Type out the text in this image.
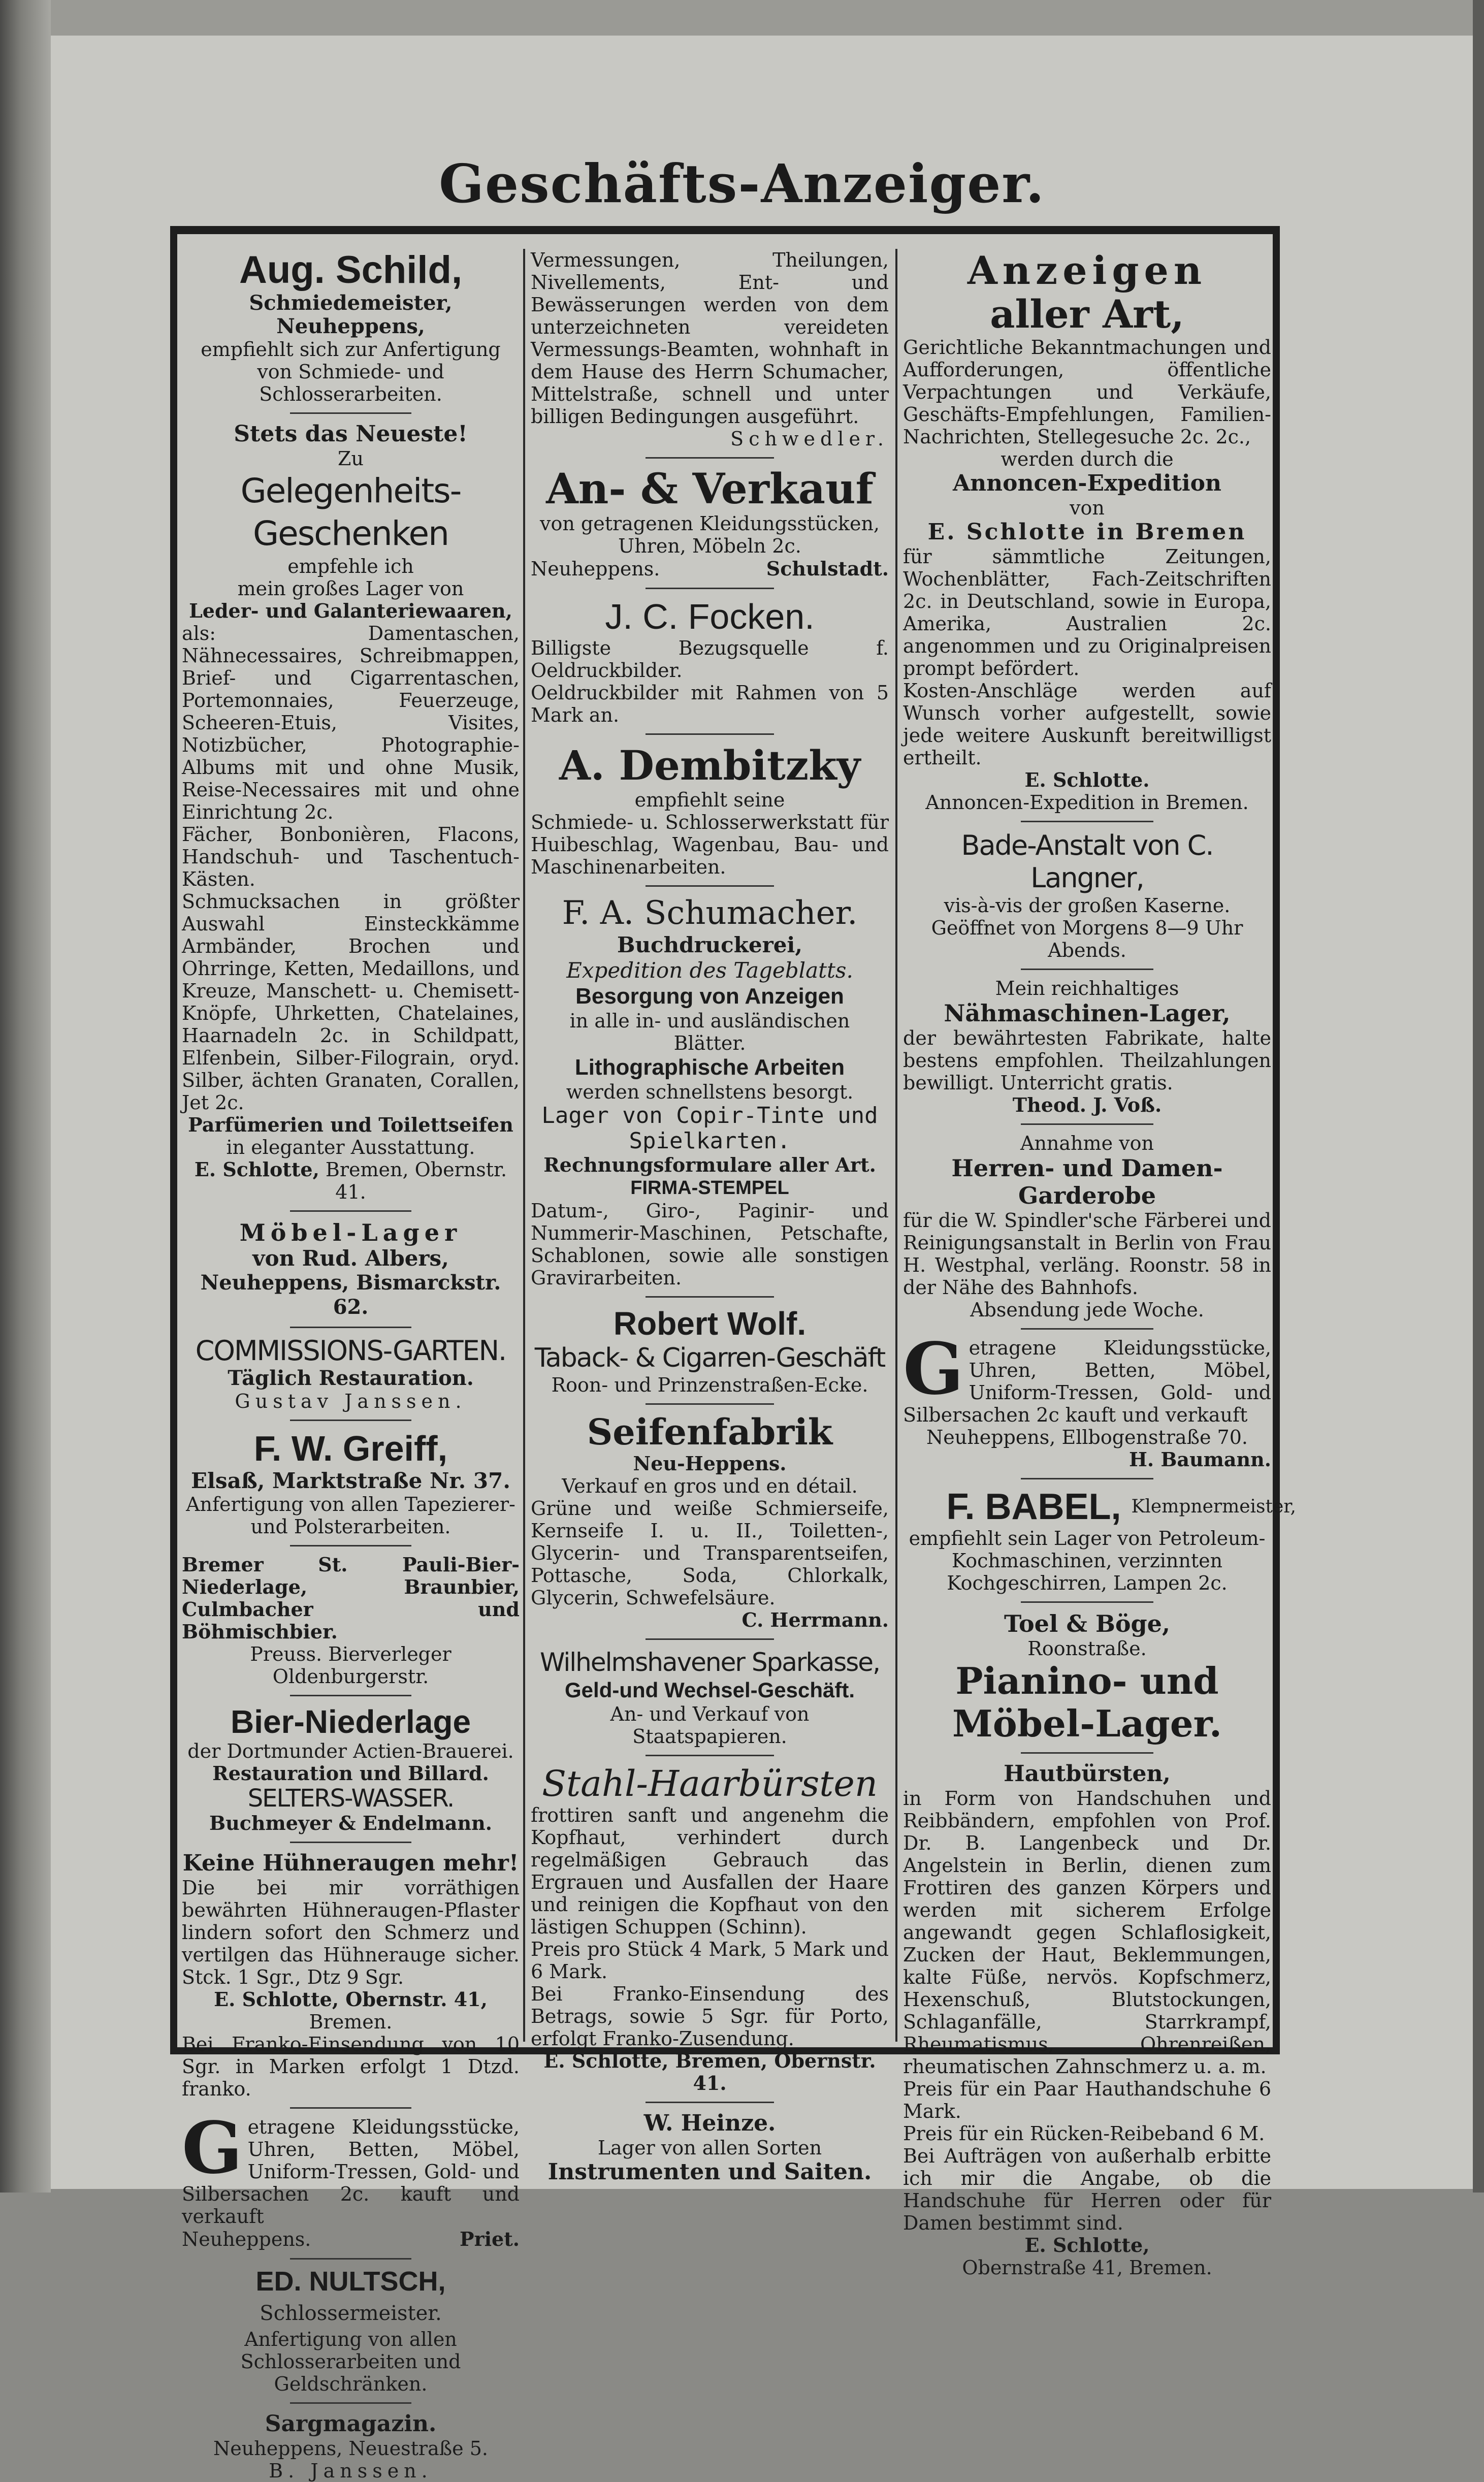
Geschäfts-Anzeiger.
Aug. Schild,
Schmiedemeister, Neuheppens,
empfiehlt sich zur Anfertigung von Schmiede- und Schlosserarbeiten.
Stets das Neueste!
Zu
Gelegenheits-Geschenken
empfehle ich
mein großes Lager von
Leder- und Galanteriewaaren,
als: Damentaschen, Nähnecessaires, Schreibmappen, Brief- und Cigarrentaschen, Portemonnaies, Feuerzeuge, Scheeren-Etuis, Visites, Notizbücher, Photographie-Albums mit und ohne Musik, Reise-Necessaires mit und ohne Einrichtung 2c.
Fächer, Bonbonièren, Flacons, Handschuh- und Taschentuch-Kästen.
Schmucksachen in größter Auswahl Einsteckkämme Armbänder, Brochen und Ohrringe, Ketten, Medaillons, und Kreuze, Manschett- u. Chemisett-Knöpfe, Uhrketten, Chatelaines, Haarnadeln 2c. in Schildpatt, Elfenbein, Silber-Filograin, oryd. Silber, ächten Granaten, Corallen, Jet 2c.
Parfümerien und Toilettseifen
in eleganter Ausstattung.
E. Schlotte, Bremen, Obernstr. 41.
Möbel-Lager
von Rud. Albers,
Neuheppens, Bismarckstr. 62.
COMMISSIONS-GARTEN.
Täglich Restauration.
Gustav Janssen.
F. W. Greiff,
Elsaß, Marktstraße Nr. 37.
Anfertigung von allen Tapezierer- und Polsterarbeiten.
Bremer St. Pauli-Bier-Niederlage, Braunbier, Culmbacher und Böhmischbier.
Preuss. Bierverleger Oldenburgerstr.
Bier-Niederlage
der Dortmunder Actien-Brauerei.
Restauration und Billard.
SELTERS-WASSER.
Buchmeyer & Endelmann.
Keine Hühneraugen mehr!
Die bei mir vorräthigen bewährten Hühneraugen-Pflaster lindern sofort den Schmerz und vertilgen das Hühnerauge sicher. Stck. 1 Sgr., Dtz 9 Sgr.
E. Schlotte, Obernstr. 41,
Bremen.
Bei Franko-Einsendung von 10 Sgr. in Marken erfolgt 1 Dtzd. franko.
G etragene Kleidungsstücke, Uhren, Betten, Möbel, Uniform-Tressen, Gold- und Silbersachen 2c. kauft und verkauft
Neuheppens.	Priet.
ED. NULTSCH, Schlossermeister.
Anfertigung von allen Schlosserarbeiten und Geldschränken.
Sargmagazin.
Neuheppens, Neuestraße 5.
B. Janssen.
Vermessungen, Theilungen, Nivellements, Ent- und Bewässerungen werden von dem unterzeichneten vereideten Vermessungs-Beamten, wohnhaft in dem Hause des Herrn Schumacher, Mittelstraße, schnell und unter billigen Bedingungen ausgeführt.
Schwedler.
An- & Verkauf
von getragenen Kleidungsstücken, Uhren, Möbeln 2c.
Neuheppens.	Schulstadt.
J. C. Focken.
Billigste Bezugsquelle f. Oeldruckbilder.
Oeldruckbilder mit Rahmen von 5 Mark an.
A. Dembitzky
empfiehlt seine
Schmiede- u. Schlosserwerkstatt für Huibeschlag, Wagenbau, Bau- und Maschinenarbeiten.
F. A. Schumacher.
Buchdruckerei,
Expedition des Tageblatts.
Besorgung von Anzeigen
in alle in- und ausländischen Blätter.
Lithographische Arbeiten
werden schnellstens besorgt.
Lager von Copir-Tinte und Spielkarten.
Rechnungsformulare aller Art.
FIRMA-STEMPEL
Datum-, Giro-, Paginir- und Nummerir-Maschinen, Petschafte, Schablonen, sowie alle sonstigen Gravirarbeiten.
Robert Wolf.
Taback- & Cigarren-Geschäft
Roon- und Prinzenstraßen-Ecke.
Seifenfabrik
Neu-Heppens.
Verkauf en gros und en détail.
Grüne und weiße Schmierseife, Kernseife I. u. II., Toiletten-, Glycerin- und Transparentseifen, Pottasche, Soda, Chlorkalk, Glycerin, Schwefelsäure.
C. Herrmann.
Wilhelmshavener Sparkasse,
Geld-und Wechsel-Geschäft.
An- und Verkauf von Staatspapieren.
Stahl-Haarbürsten
frottiren sanft und angenehm die Kopfhaut, verhindert durch regelmäßigen Gebrauch das Ergrauen und Ausfallen der Haare und reinigen die Kopfhaut von den lästigen Schuppen (Schinn).
Preis pro Stück 4 Mark, 5 Mark und 6 Mark.
Bei Franko-Einsendung des Betrags, sowie 5 Sgr. für Porto, erfolgt Franko-Zusendung.
E. Schlotte, Bremen, Obernstr. 41.
W. Heinze.
Lager von allen Sorten
Instrumenten und Saiten.
Anzeigen
aller Art,
Gerichtliche Bekanntmachungen und Aufforderungen, öffentliche Verpachtungen und Verkäufe, Geschäfts-Empfehlungen, Familien-Nachrichten, Stellegesuche 2c. 2c.,
werden durch die
Annoncen-Expedition
von
E. Schlotte in Bremen
für sämmtliche Zeitungen, Wochenblätter, Fach-Zeitschriften 2c. in Deutschland, sowie in Europa, Amerika, Australien 2c. angenommen und zu Originalpreisen prompt befördert.
Kosten-Anschläge werden auf Wunsch vorher aufgestellt, sowie jede weitere Auskunft bereitwilligst ertheilt.
E. Schlotte.
Annoncen-Expedition in Bremen.
Bade-Anstalt von C. Langner,
vis-à-vis der großen Kaserne.
Geöffnet von Morgens 8—9 Uhr Abends.
Mein reichhaltiges
Nähmaschinen-Lager,
der bewährtesten Fabrikate, halte bestens empfohlen. Theilzahlungen bewilligt. Unterricht gratis.
Theod. J. Voß.
Annahme von
Herren- und Damen-
Garderobe
für die W. Spindler'sche Färberei und Reinigungsanstalt in Berlin von Frau H. Westphal, verläng. Roonstr. 58 in der Nähe des Bahnhofs.
Absendung jede Woche.
G etragene Kleidungsstücke, Uhren, Betten, Möbel, Uniform-Tressen, Gold- und Silbersachen 2c kauft und verkauft
Neuheppens, Ellbogenstraße 70.
H. Baumann.
F. BABEL, Klempnermeister,
empfiehlt sein Lager von Petroleum-Kochmaschinen, verzinnten Kochgeschirren, Lampen 2c.
Toel & Böge,
Roonstraße.
Pianino- und Möbel-Lager.
Hautbürsten,
in Form von Handschuhen und Reibbändern, empfohlen von Prof. Dr. B. Langenbeck und Dr. Angelstein in Berlin, dienen zum Frottiren des ganzen Körpers und werden mit sicherem Erfolge angewandt gegen Schlaflosigkeit, Zucken der Haut, Beklemmungen, kalte Füße, nervös. Kopfschmerz, Hexenschuß, Blutstockungen, Schlaganfälle, Starrkrampf, Rheumatismus, Ohrenreißen, rheumatischen Zahnschmerz u. a. m.
Preis für ein Paar Hauthandschuhe 6 Mark.
Preis für ein Rücken-Reibeband 6 M.
Bei Aufträgen von außerhalb erbitte ich mir die Angabe, ob die Handschuhe für Herren oder für Damen bestimmt sind.
E. Schlotte,
Obernstraße 41, Bremen.
